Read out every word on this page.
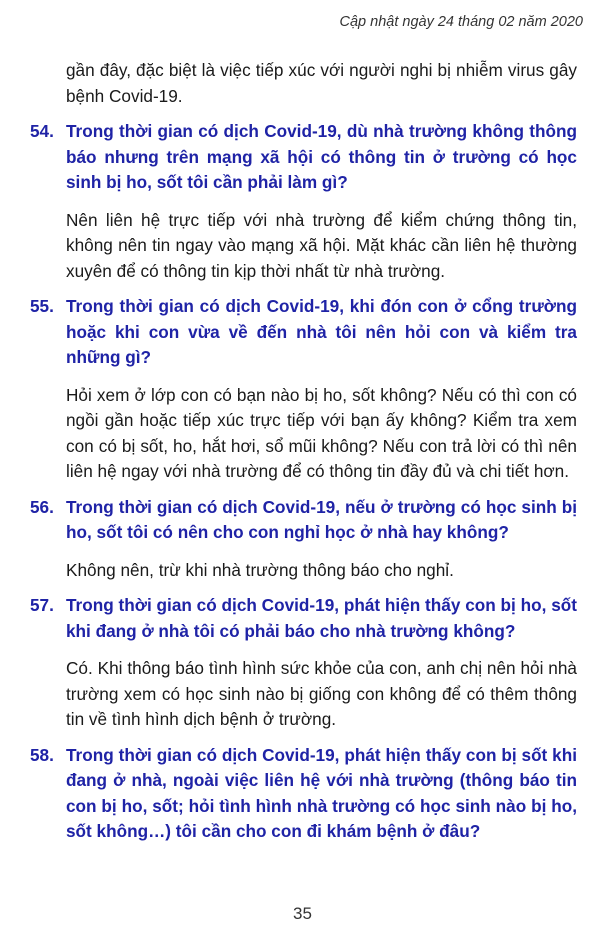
Cập nhật ngày 24 tháng 02 năm 2020

gần đây, đặc biệt là việc tiếp xúc với người nghi bị nhiễm virus gây bệnh Covid-19.

54. Trong thời gian có dịch Covid-19, dù nhà trường không thông báo nhưng trên mạng xã hội có thông tin ở trường có học sinh bị ho, sốt tôi cần phải làm gì?

Nên liên hệ trực tiếp với nhà trường để kiểm chứng thông tin, không nên tin ngay vào mạng xã hội. Mặt khác cần liên hệ thường xuyên để có thông tin kịp thời nhất từ nhà trường.

55. Trong thời gian có dịch Covid-19, khi đón con ở cổng trường hoặc khi con vừa về đến nhà tôi nên hỏi con và kiểm tra những gì?

Hỏi xem ở lớp con có bạn nào bị ho, sốt không? Nếu có thì con có ngồi gần hoặc tiếp xúc trực tiếp với bạn ấy không? Kiểm tra xem con có bị sốt, ho, hắt hơi, sổ mũi không? Nếu con trả lời có thì nên liên hệ ngay với nhà trường để có thông tin đầy đủ và chi tiết hơn.

56. Trong thời gian có dịch Covid-19, nếu ở trường có học sinh bị ho, sốt tôi có nên cho con nghỉ học ở nhà hay không?

Không nên, trừ khi nhà trường thông báo cho nghỉ.

57. Trong thời gian có dịch Covid-19, phát hiện thấy con bị ho, sốt khi đang ở nhà tôi có phải báo cho nhà trường không?

Có. Khi thông báo tình hình sức khỏe của con, anh chị nên hỏi nhà trường xem có học sinh nào bị giống con không để có thêm thông tin về tình hình dịch bệnh ở trường.

58. Trong thời gian có dịch Covid-19, phát hiện thấy con bị sốt khi đang ở nhà, ngoài việc liên hệ với nhà trường (thông báo tin con bị ho, sốt; hỏi tình hình nhà trường có học sinh nào bị ho, sốt không…) tôi cần cho con đi khám bệnh ở đâu?
35
